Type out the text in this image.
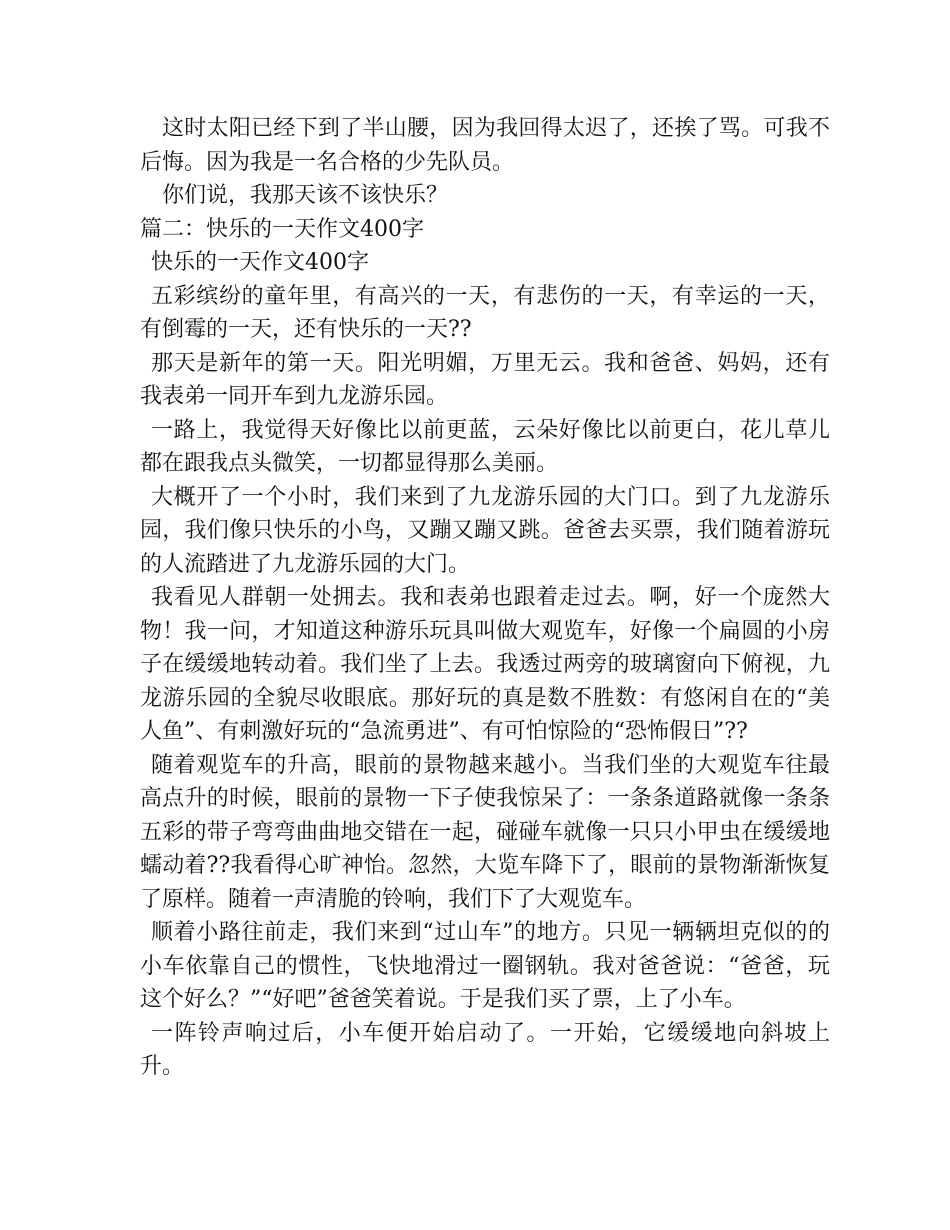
这时太阳已经下到了半山腰，因为我回得太迟了，还挨了骂。可我不后悔。因为我是一名合格的少先队员。

你们说，我那天该不该快乐？

篇二：快乐的一天作文400字

快乐的一天作文400字

五彩缤纷的童年里，有高兴的一天，有悲伤的一天，有幸运的一天，有倒霉的一天，还有快乐的一天??

那天是新年的第一天。阳光明媚，万里无云。我和爸爸、妈妈，还有我表弟一同开车到九龙游乐园。

一路上，我觉得天好像比以前更蓝，云朵好像比以前更白，花儿草儿都在跟我点头微笑，一切都显得那么美丽。

大概开了一个小时，我们来到了九龙游乐园的大门口。到了九龙游乐园，我们像只快乐的小鸟，又蹦又蹦又跳。爸爸去买票，我们随着游玩的人流踏进了九龙游乐园的大门。

我看见人群朝一处拥去。我和表弟也跟着走过去。啊，好一个庞然大物！我一问，才知道这种游乐玩具叫做大观览车，好像一个扁圆的小房子在缓缓地转动着。我们坐了上去。我透过两旁的玻璃窗向下俯视，九龙游乐园的全貌尽收眼底。那好玩的真是数不胜数：有悠闲自在的“美人鱼”、有刺激好玩的“急流勇进”、有可怕惊险的“恐怖假日”??

随着观览车的升高，眼前的景物越来越小。当我们坐的大观览车往最高点升的时候，眼前的景物一下子使我惊呆了：一条条道路就像一条条五彩的带子弯弯曲曲地交错在一起，碰碰车就像一只只小甲虫在缓缓地蠕动着??我看得心旷神怡。忽然，大览车降下了，眼前的景物渐渐恢复了原样。随着一声清脆的铃响，我们下了大观览车。

顺着小路往前走，我们来到“过山车”的地方。只见一辆辆坦克似的的小车依靠自己的惯性，飞快地滑过一圈钢轨。我对爸爸说：“爸爸，玩这个好么？”“好吧”爸爸笑着说。于是我们买了票，上了小车。

一阵铃声响过后，小车便开始启动了。一开始，它缓缓地向斜坡上升。
